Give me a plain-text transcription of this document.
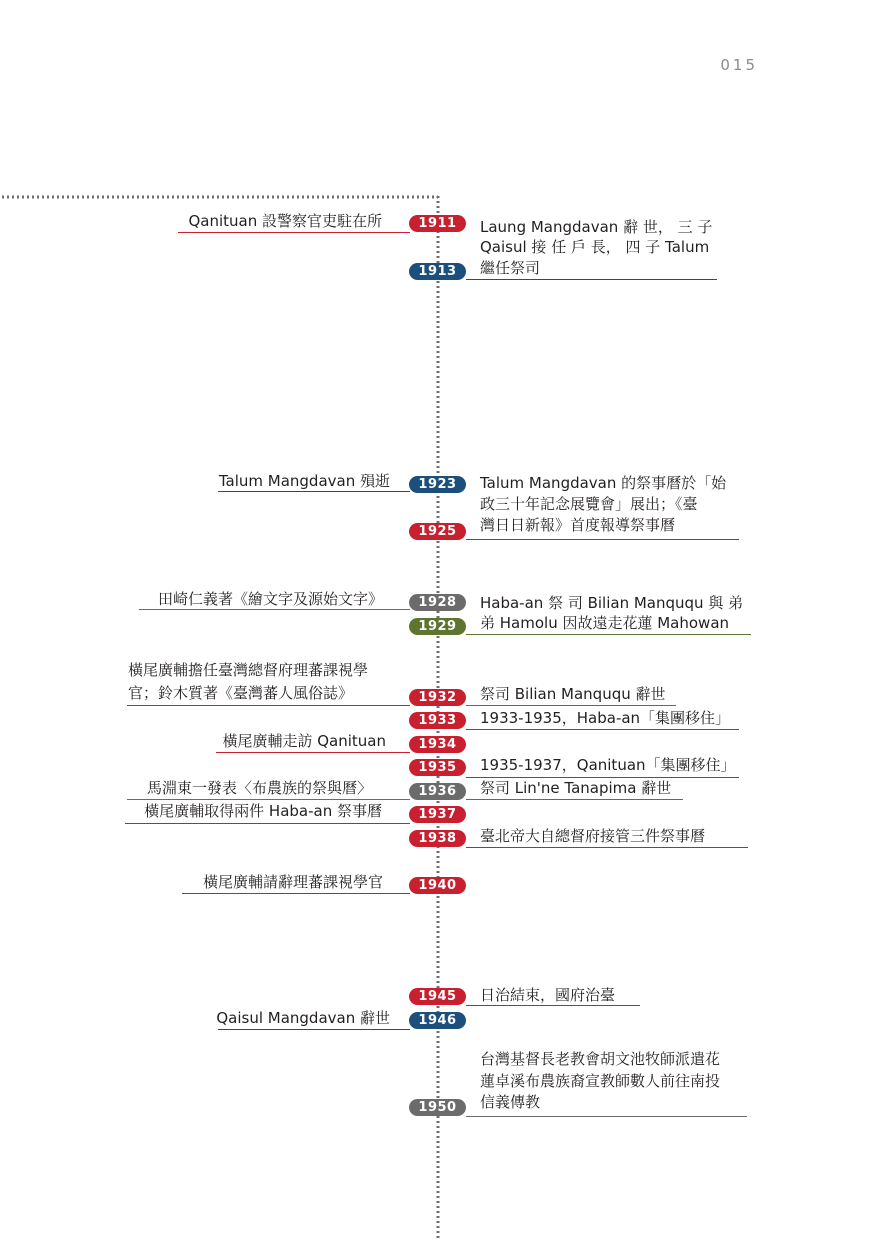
015
1911
1913
1923
1925
1928
1929
1932
1933
1934
1935
1936
1937
1938
1940
1945
1946
1950
Qanituan 設警察官吏駐在所
Talum Mangdavan 殞逝
田崎仁義著《繪文字及源始文字》
橫尾廣輔擔任臺灣總督府理蕃課視學
官；鈴木質著《臺灣蕃人風俗誌》
橫尾廣輔走訪 Qanituan
馬淵東一發表〈布農族的祭與曆〉
橫尾廣輔取得兩件 Haba-an 祭事曆
橫尾廣輔請辭理蕃課視學官
Qaisul Mangdavan 辭世
Laung Mangdavan 辭 世， 三 子
Qaisul 接 任 戶 長， 四 子 Talum
繼任祭司
Talum Mangdavan 的祭事曆於「始
政三十年記念展覽會」展出；《臺
灣日日新報》首度報導祭事曆
Haba-an 祭 司 Bilian Manququ 與 弟
弟 Hamolu 因故遠走花蓮 Mahowan
祭司 Bilian Manququ 辭世
1933-1935，Haba-an「集團移住」
1935-1937，Qanituan「集團移住」
祭司 Lin'ne Tanapima 辭世
臺北帝大自總督府接管三件祭事曆
日治結束，國府治臺
台灣基督長老教會胡文池牧師派遣花
蓮卓溪布農族裔宣教師數人前往南投
信義傳教
